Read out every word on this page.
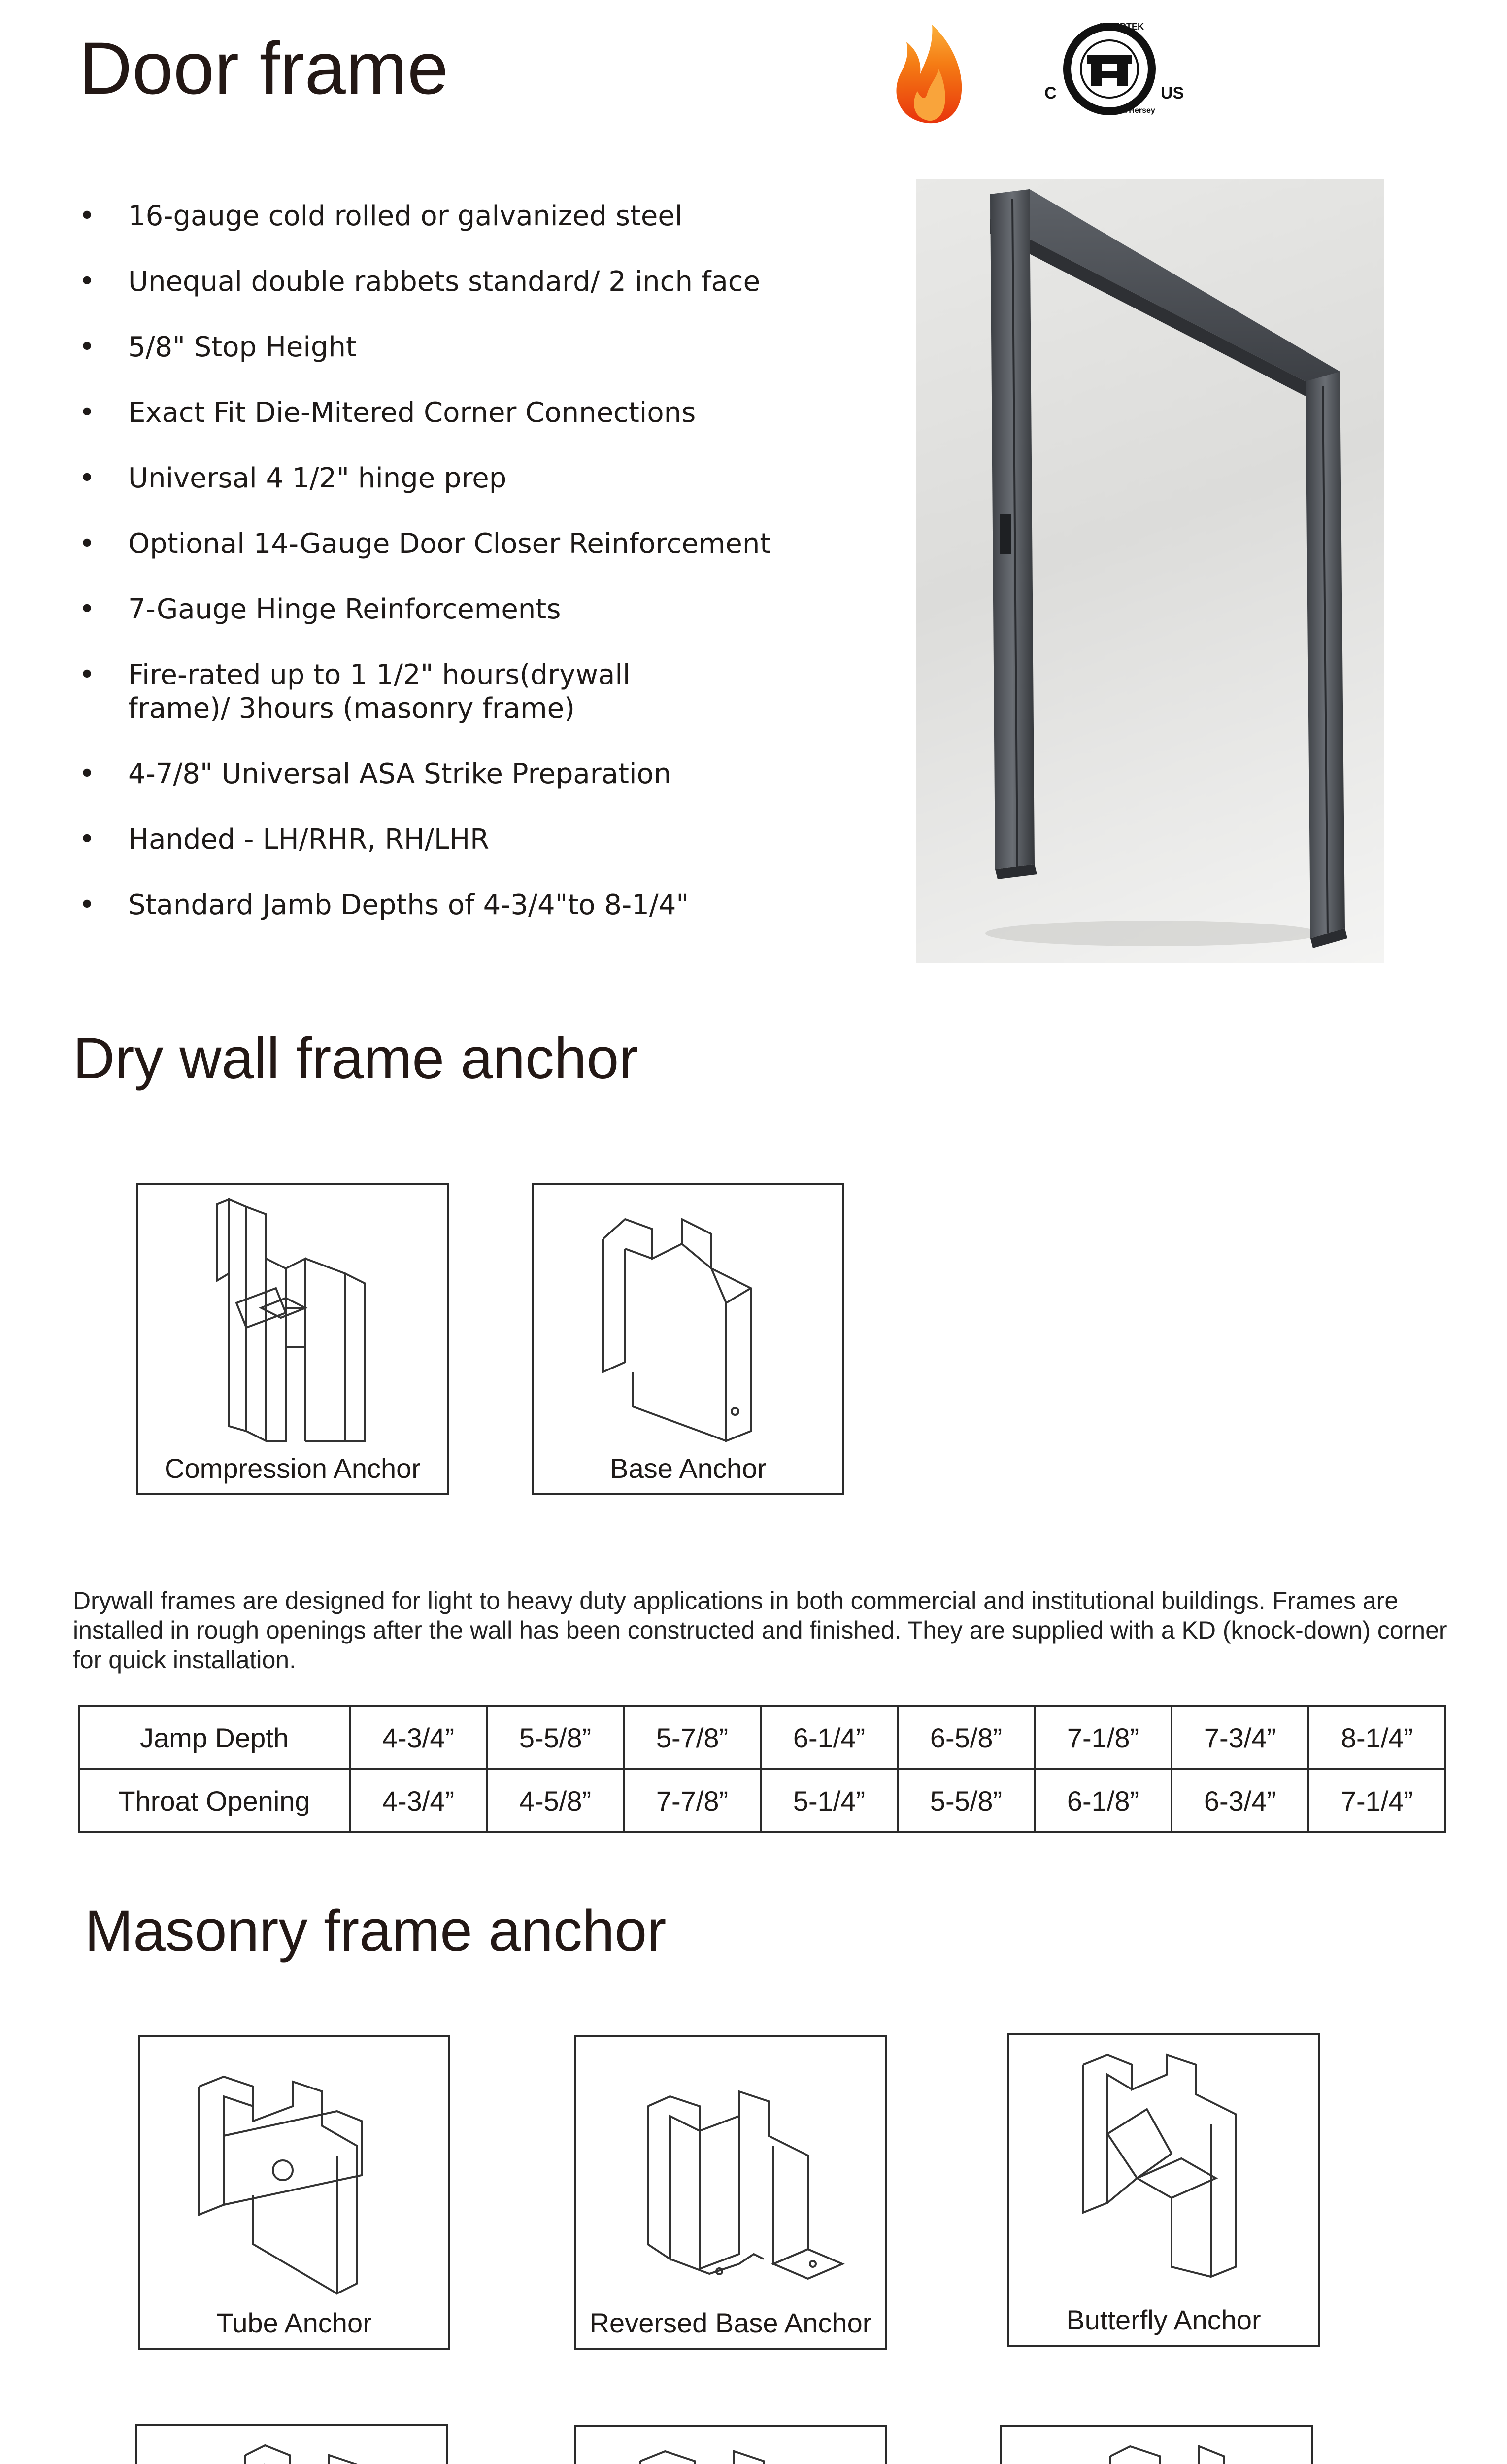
Door frame	INTERTEK
Warnock Hersey
C	US
• 16-gauge cold rolled or galvanized steel
• Unequal double rabbets standard/ 2 inch face
• 5/8" Stop Height
• Exact Fit Die-Mitered Corner Connections
• Universal 4 1/2" hinge prep
• Optional 14-Gauge Door Closer Reinforcement
• 7-Gauge Hinge Reinforcements
• Fire-rated up to 1 1/2" hours(drywall frame)/ 3hours (masonry frame)
• 4-7/8" Universal ASA Strike Preparation
• Handed - LH/RHR, RH/LHR
• Standard Jamb Depths of 4-3/4"to 8-1/4"
Dry wall frame anchor
Compression Anchor	Base Anchor

Drywall frames are designed for light to heavy duty applications in both commercial and institutional buildings. Frames are installed in rough openings after the wall has been constructed and finished. They are supplied with a KD (knock-down) corner for quick installation.

Jamp Depth	4-3/4”	5-5/8”	5-7/8”	6-1/4”	6-5/8”	7-1/8”	7-3/4”	8-1/4”
Throat Opening	4-3/4”	4-5/8”	7-7/8”	5-1/4”	5-5/8”	6-1/8”	6-3/4”	7-1/4”
Masonry frame anchor
Tube Anchor	Reversed Base Anchor	Butterfly Anchor
